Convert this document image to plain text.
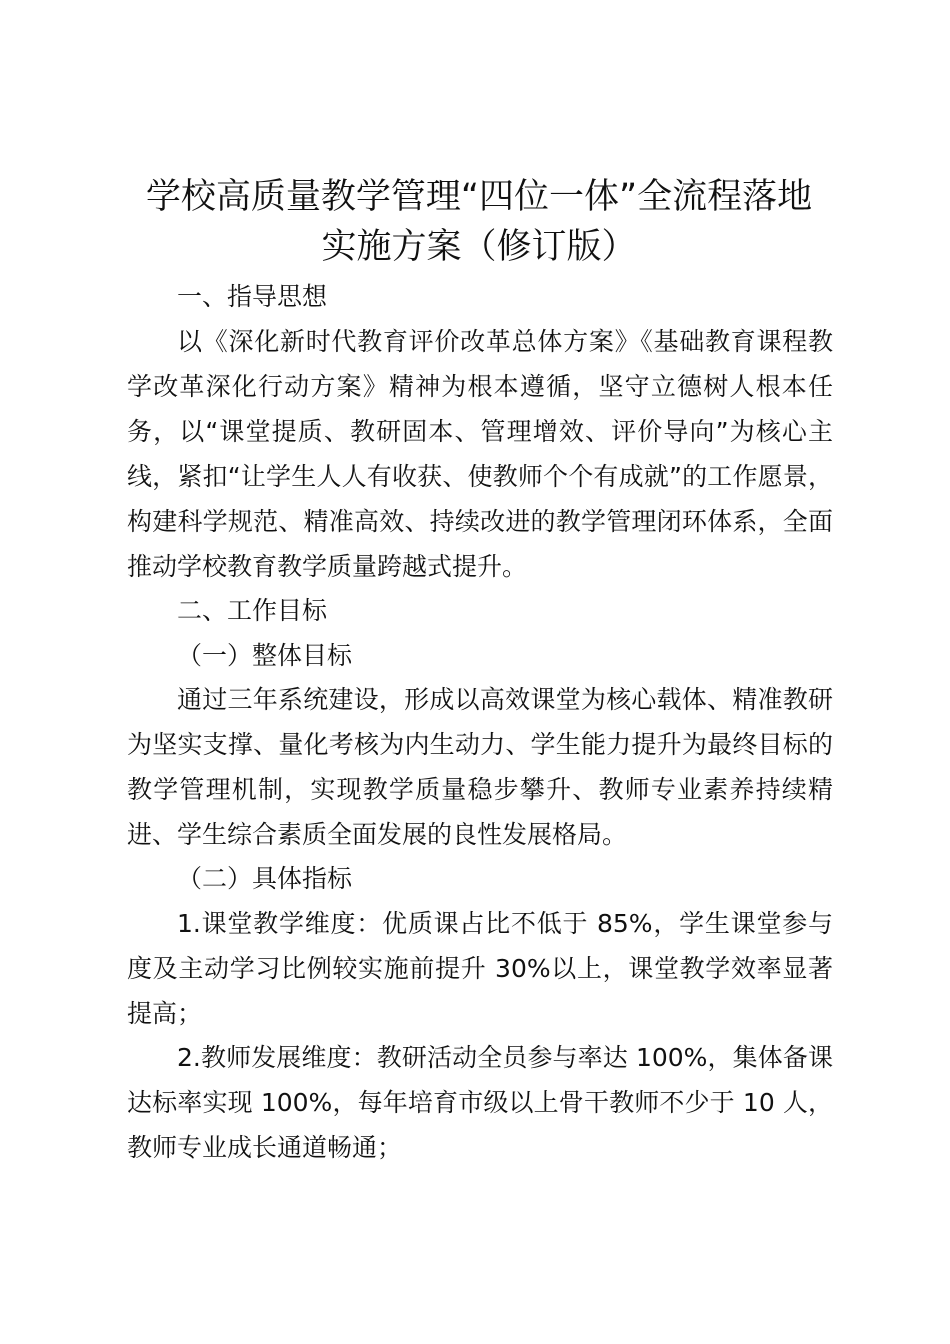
学校高质量教学管理“四位一体”全流程落地
实施方案（修订版）

一、指导思想

以《深化新时代教育评价改革总体方案》《基础教育课程教学改革深化行动方案》精神为根本遵循，坚守立德树人根本任务，以“课堂提质、教研固本、管理增效、评价导向”为核心主线，紧扣“让学生人人有收获、使教师个个有成就”的工作愿景，构建科学规范、精准高效、持续改进的教学管理闭环体系，全面推动学校教育教学质量跨越式提升。

二、工作目标

（一）整体目标

通过三年系统建设，形成以高效课堂为核心载体、精准教研为坚实支撑、量化考核为内生动力、学生能力提升为最终目标的教学管理机制，实现教学质量稳步攀升、教师专业素养持续精进、学生综合素质全面发展的良性发展格局。

（二）具体指标

1.课堂教学维度：优质课占比不低于 85%，学生课堂参与度及主动学习比例较实施前提升 30%以上，课堂教学效率显著提高；

2.教师发展维度：教研活动全员参与率达 100%，集体备课达标率实现 100%，每年培育市级以上骨干教师不少于 10 人，教师专业成长通道畅通；
